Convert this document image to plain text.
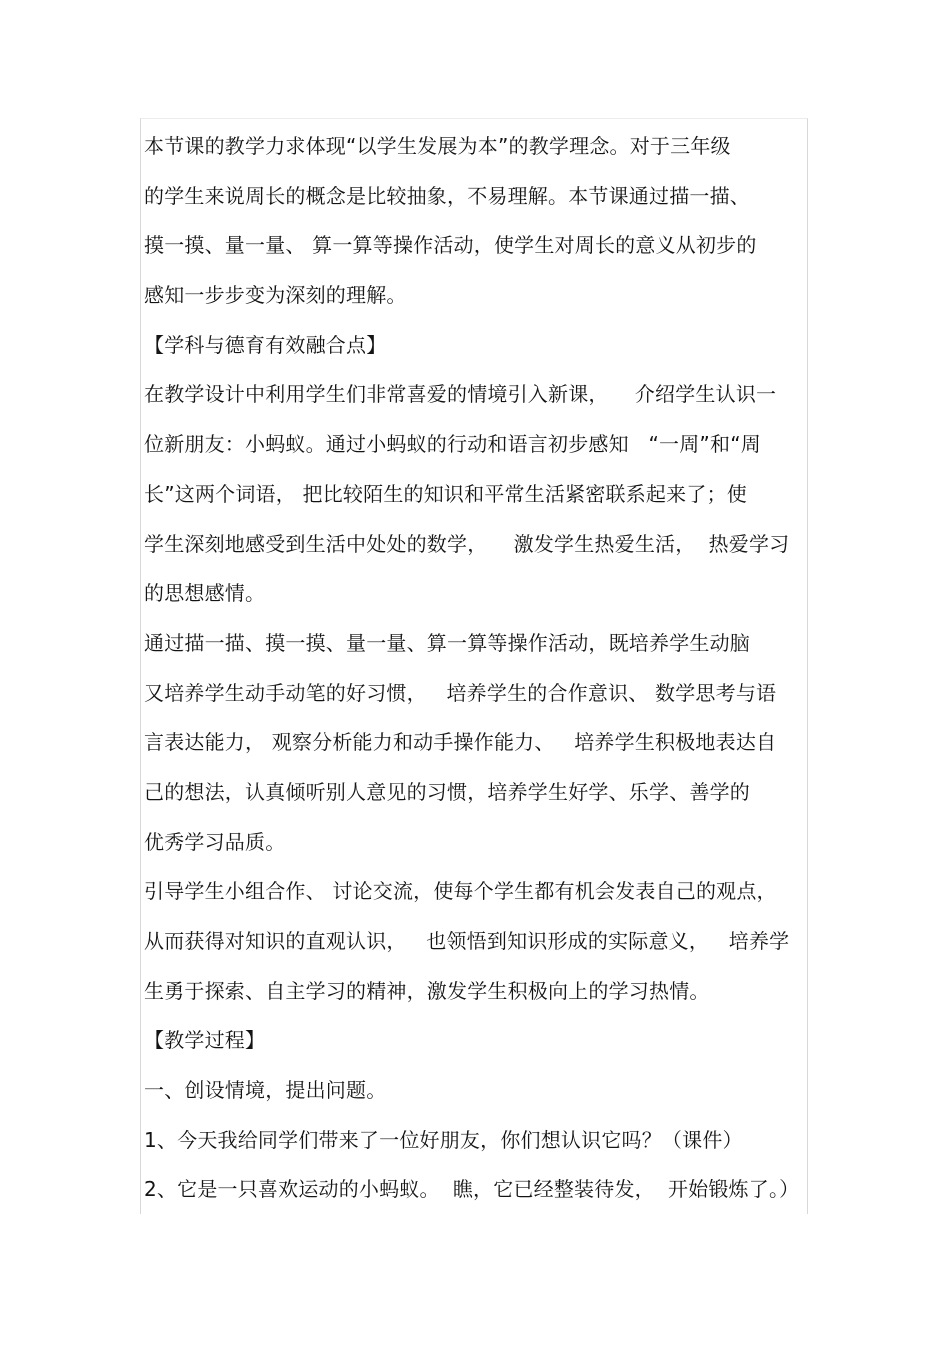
本节课的教学力求体现“以学生发展为本”的教学理念。对于三年级
的学生来说周长的概念是比较抽象，不易理解。本节课通过描一描、
摸一摸、量一量、 算一算等操作活动，使学生对周长的意义从初步的
感知一步步变为深刻的理解。
【学科与德育有效融合点】
在教学设计中利用学生们非常喜爱的情境引入新课，    介绍学生认识一
位新朋友：小蚂蚁。通过小蚂蚁的行动和语言初步感知   “一周”和“周
长”这两个词语， 把比较陌生的知识和平常生活紧密联系起来了；使
学生深刻地感受到生活中处处的数学，    激发学生热爱生活，  热爱学习
的思想感情。
通过描一描、摸一摸、量一量、算一算等操作活动，既培养学生动脑
又培养学生动手动笔的好习惯，   培养学生的合作意识、 数学思考与语
言表达能力， 观察分析能力和动手操作能力、   培养学生积极地表达自
己的想法，认真倾听别人意见的习惯，培养学生好学、乐学、善学的
优秀学习品质。
引导学生小组合作、 讨论交流，使每个学生都有机会发表自己的观点，
从而获得对知识的直观认识，   也领悟到知识形成的实际意义，   培养学
生勇于探索、自主学习的精神，激发学生积极向上的学习热情。
【教学过程】
一、创设情境，提出问题。
1、今天我给同学们带来了一位好朋友，你们想认识它吗？（课件）
2、它是一只喜欢运动的小蚂蚁。  瞧，它已经整装待发，  开始锻炼了。）
